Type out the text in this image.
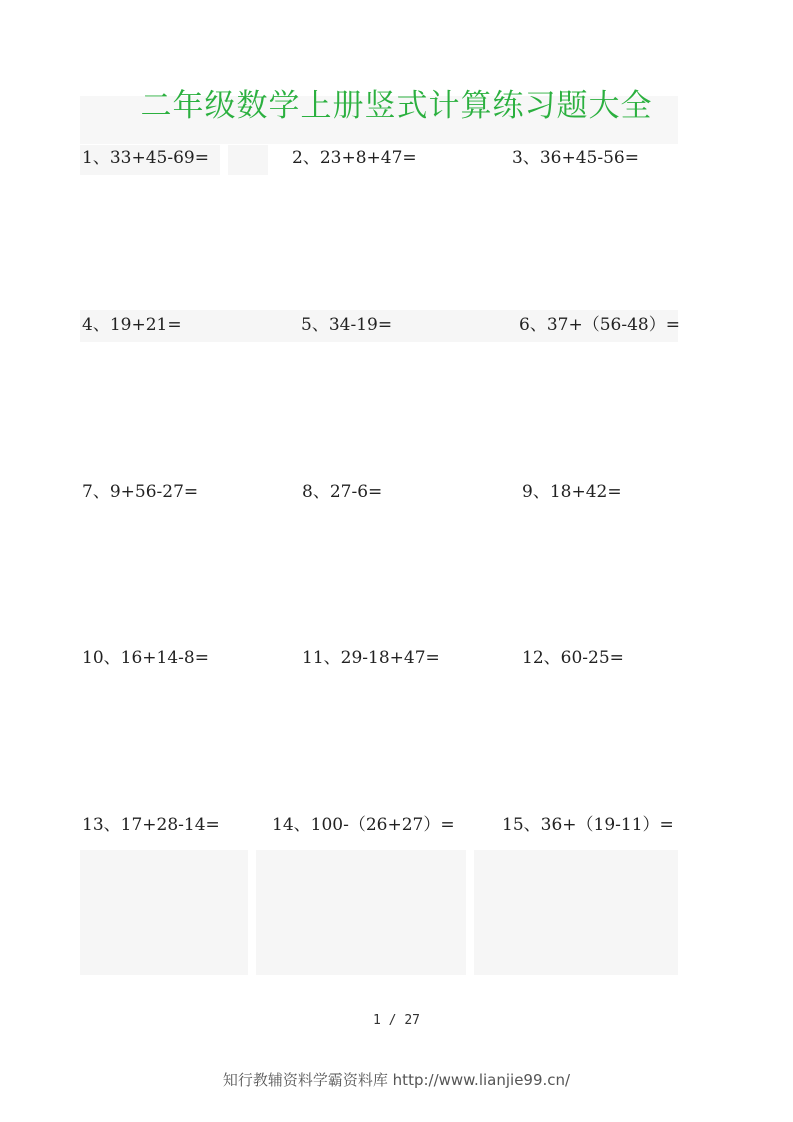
二年级数学上册竖式计算练习题大全
1、33+45-69=	2、23+8+47=	3、36+45-56=
4、19+21=	5、34-19=	6、37+（56-48）=
7、9+56-27=	8、27-6=	9、18+42=
10、16+14-8=	11、29-18+47=	12、60-25=
13、17+28-14=	14、100-（26+27）=	15、36+（19-11）=
1 / 27
知行教辅资料学霸资料库 http://www.lianjie99.cn/
